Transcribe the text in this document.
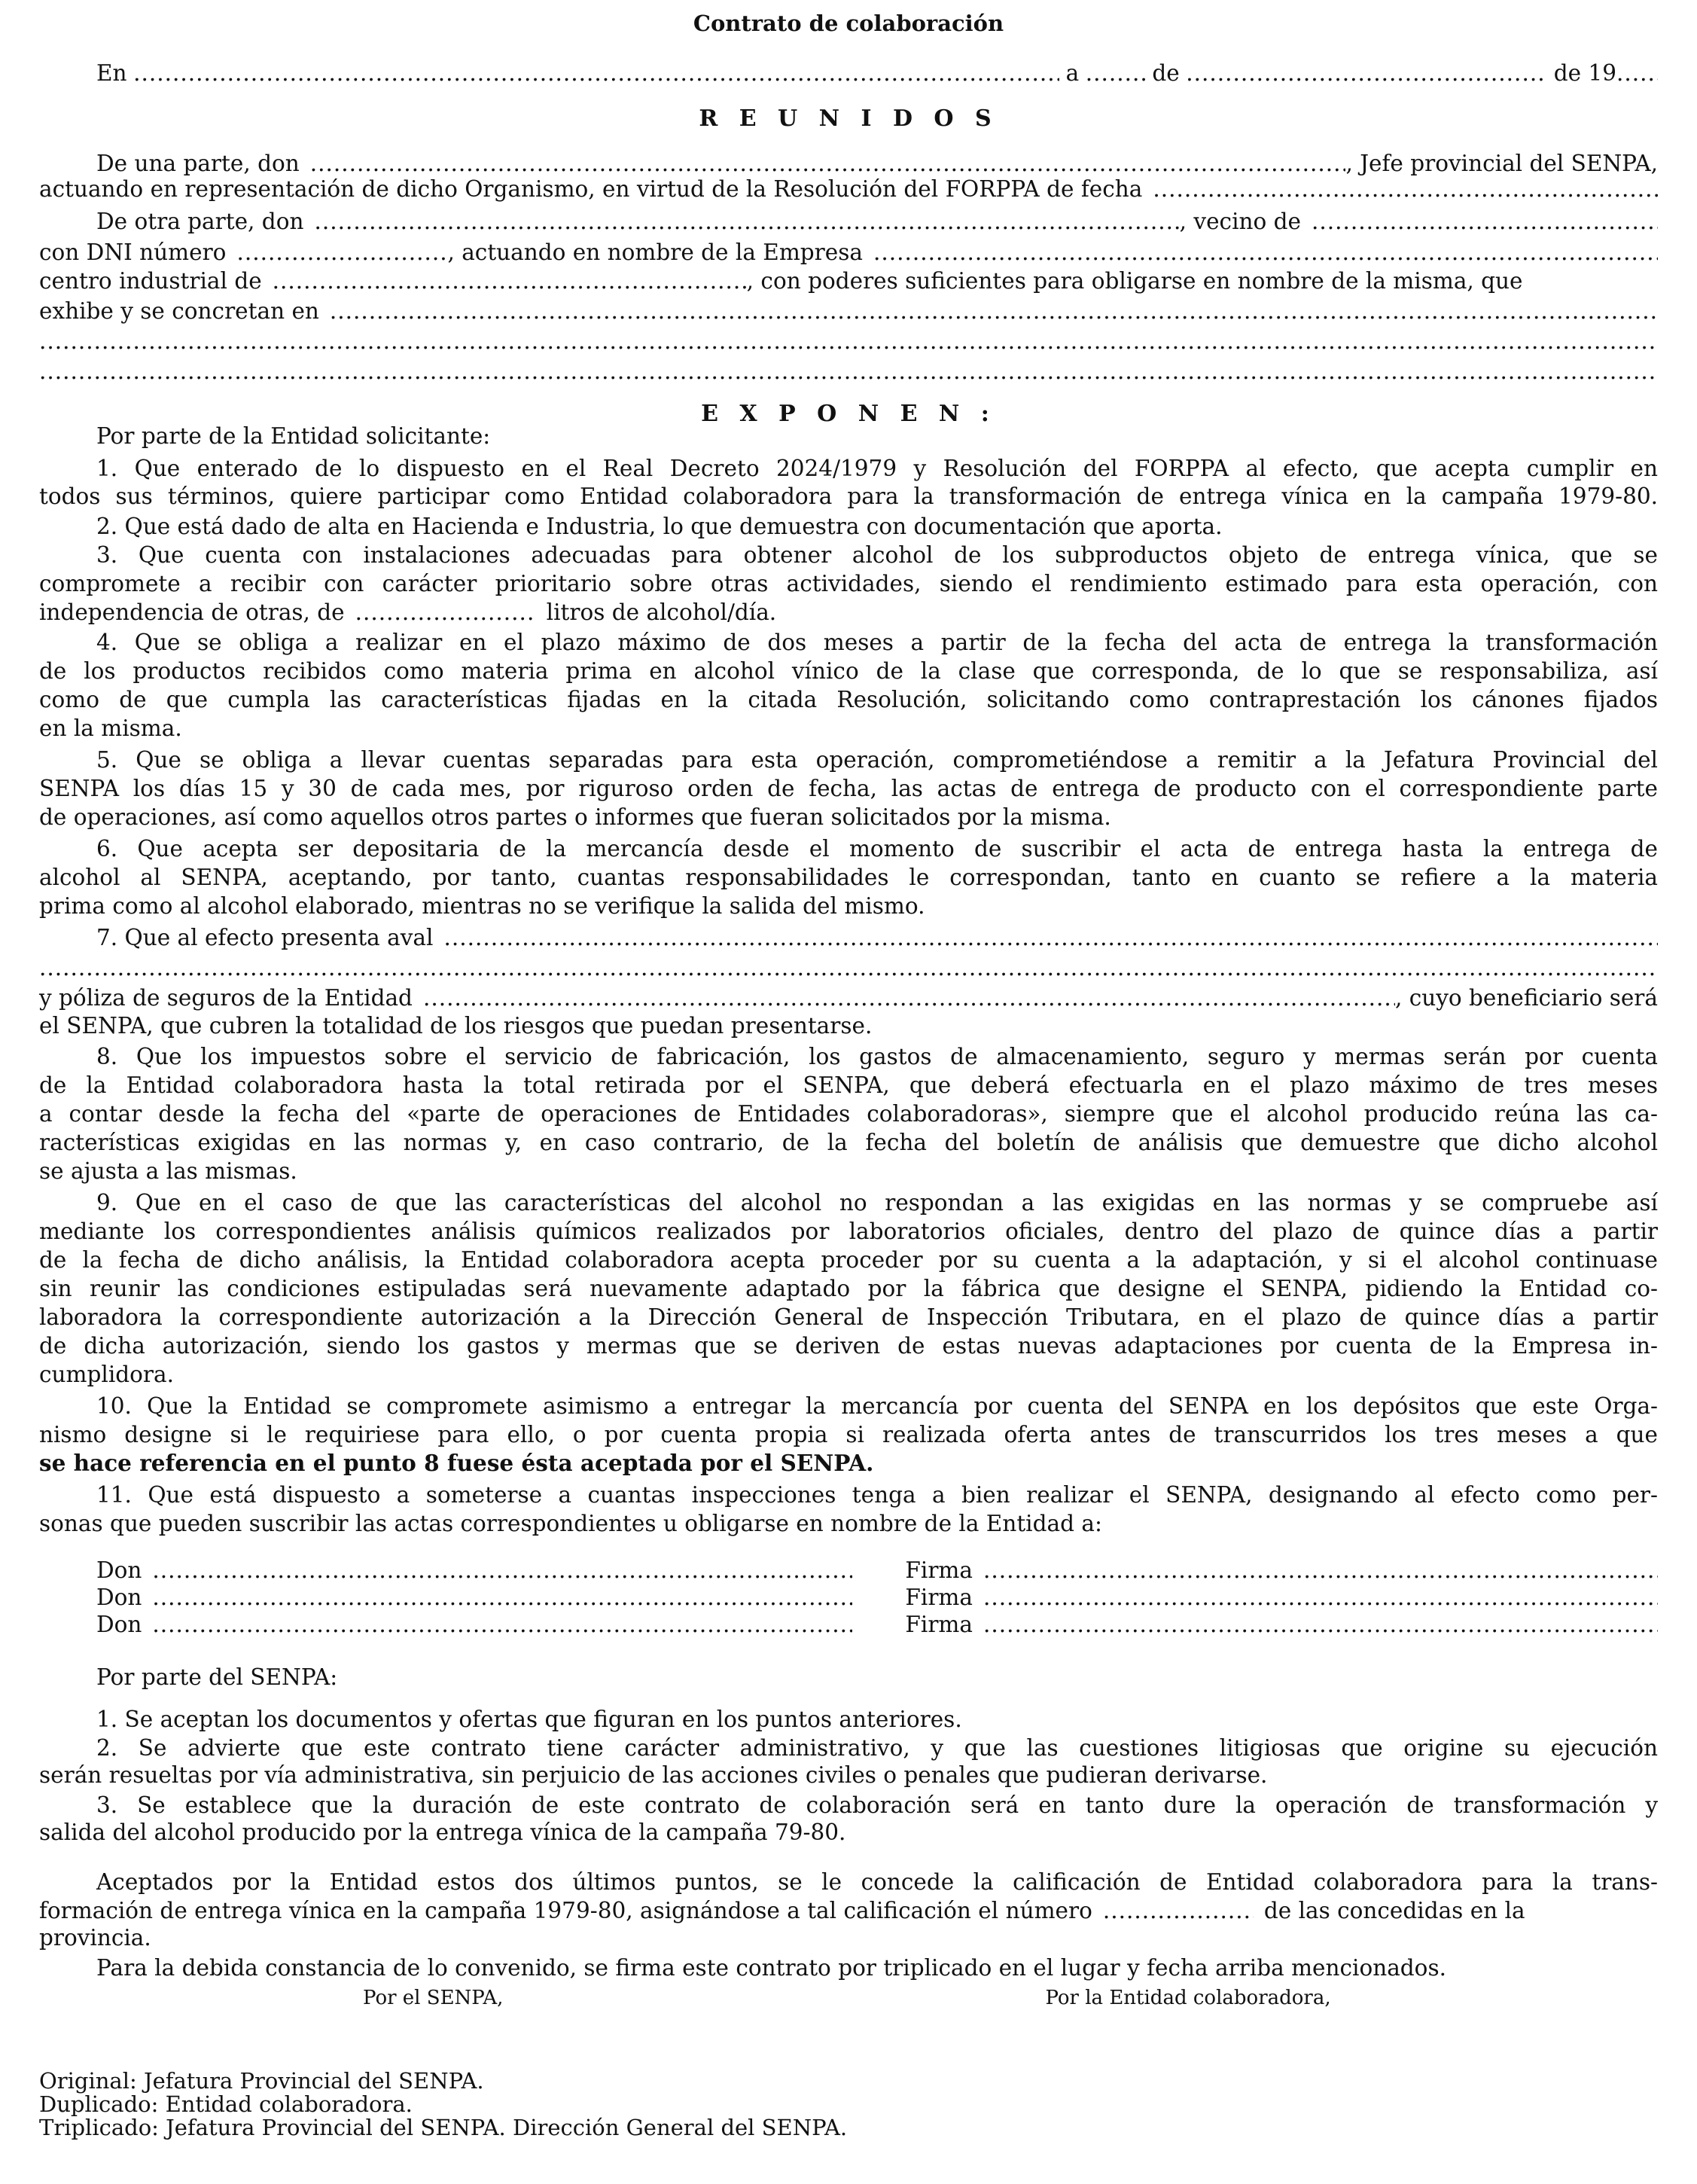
Contrato de colaboración
En .....	a .....	de .....	de 19
.....
R E U N I D O S
De una parte, don .....	, Jefe provincial del SENPA,
actuando en representación de dicho Organismo, en virtud de la Resolución del FORPPA de fecha
.....
De otra parte, don .....	, vecino de
.....
con DNI número .....	, actuando en nombre de la Empresa
.....
centro industrial de .....	, con poderes suficientes para obligarse en nombre de la misma, que
exhibe y se concretan en
.....
.....
.....
E X P O N E N :
Por parte de la Entidad solicitante:
1. Que enterado de lo dispuesto en el Real Decreto 2024/1979 y Resolución del FORPPA al efecto, que acepta cumplir en
todos sus términos, quiere participar como Entidad colaboradora para la transformación de entrega vínica en la campaña 1979-80.
2. Que está dado de alta en Hacienda e Industria, lo que demuestra con documentación que aporta.
3. Que cuenta con instalaciones adecuadas para obtener alcohol de los subproductos objeto de entrega vínica, que se
compromete a recibir con carácter prioritario sobre otras actividades, siendo el rendimiento estimado para esta operación, con
independencia de otras, de .....	litros de alcohol/día.
4. Que se obliga a realizar en el plazo máximo de dos meses a partir de la fecha del acta de entrega la transformación
de los productos recibidos como materia prima en alcohol vínico de la clase que corresponda, de lo que se responsabiliza, así
como de que cumpla las características fijadas en la citada Resolución, solicitando como contraprestación los cánones fijados
en la misma.
5. Que se obliga a llevar cuentas separadas para esta operación, comprometiéndose a remitir a la Jefatura Provincial del
SENPA los días 15 y 30 de cada mes, por riguroso orden de fecha, las actas de entrega de producto con el correspondiente parte
de operaciones, así como aquellos otros partes o informes que fueran solicitados por la misma.
6. Que acepta ser depositaria de la mercancía desde el momento de suscribir el acta de entrega hasta la entrega de
alcohol al SENPA, aceptando, por tanto, cuantas responsabilidades le correspondan, tanto en cuanto se refiere a la materia
prima como al alcohol elaborado, mientras no se verifique la salida del mismo.
7. Que al efecto presenta aval
.....
.....
y póliza de seguros de la Entidad .....	, cuyo beneficiario será
el SENPA, que cubren la totalidad de los riesgos que puedan presentarse.
8. Que los impuestos sobre el servicio de fabricación, los gastos de almacenamiento, seguro y mermas serán por cuenta
de la Entidad colaboradora hasta la total retirada por el SENPA, que deberá efectuarla en el plazo máximo de tres meses
a contar desde la fecha del «parte de operaciones de Entidades colaboradoras», siempre que el alcohol producido reúna las ca-
racterísticas exigidas en las normas y, en caso contrario, de la fecha del boletín de análisis que demuestre que dicho alcohol
se ajusta a las mismas.
9. Que en el caso de que las características del alcohol no respondan a las exigidas en las normas y se compruebe así
mediante los correspondientes análisis químicos realizados por laboratorios oficiales, dentro del plazo de quince días a partir
de la fecha de dicho análisis, la Entidad colaboradora acepta proceder por su cuenta a la adaptación, y si el alcohol continuase
sin reunir las condiciones estipuladas será nuevamente adaptado por la fábrica que designe el SENPA, pidiendo la Entidad co-
laboradora la correspondiente autorización a la Dirección General de Inspección Tributara, en el plazo de quince días a partir
de dicha autorización, siendo los gastos y mermas que se deriven de estas nuevas adaptaciones por cuenta de la Empresa in-
cumplidora.
10. Que la Entidad se compromete asimismo a entregar la mercancía por cuenta del SENPA en los depósitos que este Orga-
nismo designe si le requiriese para ello, o por cuenta propia si realizada oferta antes de transcurridos los tres meses a que
se hace referencia en el punto 8 fuese ésta aceptada por el SENPA.
11. Que está dispuesto a someterse a cuantas inspecciones tenga a bien realizar el SENPA, designando al efecto como per-
sonas que pueden suscribir las actas correspondientes u obligarse en nombre de la Entidad a:
Don .....	Firma
.....
Don .....	Firma
.....
Don .....	Firma
.....
Por parte del SENPA:
1. Se aceptan los documentos y ofertas que figuran en los puntos anteriores.
2. Se advierte que este contrato tiene carácter administrativo, y que las cuestiones litigiosas que origine su ejecución
serán resueltas por vía administrativa, sin perjuicio de las acciones civiles o penales que pudieran derivarse.
3. Se establece que la duración de este contrato de colaboración será en tanto dure la operación de transformación y
salida del alcohol producido por la entrega vínica de la campaña 79-80.
Aceptados por la Entidad estos dos últimos puntos, se le concede la calificación de Entidad colaboradora para la trans-
formación de entrega vínica en la campaña 1979-80, asignándose a tal calificación el número .....	de las concedidas en la
provincia.
Para la debida constancia de lo convenido, se firma este contrato por triplicado en el lugar y fecha arriba mencionados.
Por el SENPA,	Por la Entidad colaboradora,
Original: Jefatura Provincial del SENPA.
Duplicado: Entidad colaboradora.
Triplicado: Jefatura Provincial del SENPA. Dirección General del SENPA.
